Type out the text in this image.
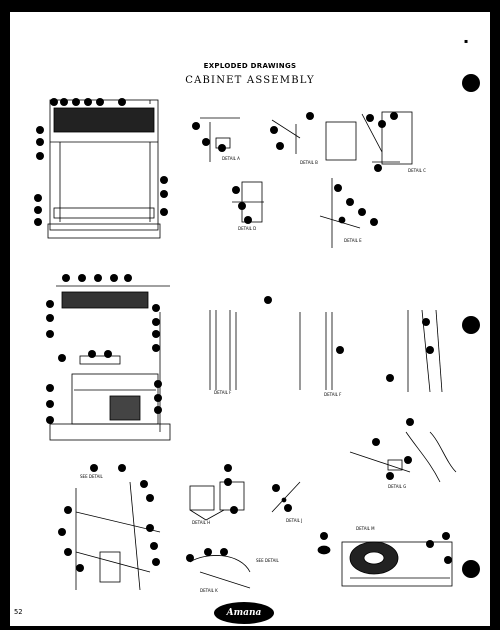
▪
EXPLODED DRAWINGS
CABINET ASSEMBLY
DETAIL A
DETAIL B
DETAIL C
DETAIL D
DETAIL E
DETAIL F	DETAIL F
DETAIL G
DETAIL H	DETAIL J
DETAIL K
DETAIL M
SEE DETAIL
SEE DETAIL
52	Amana
